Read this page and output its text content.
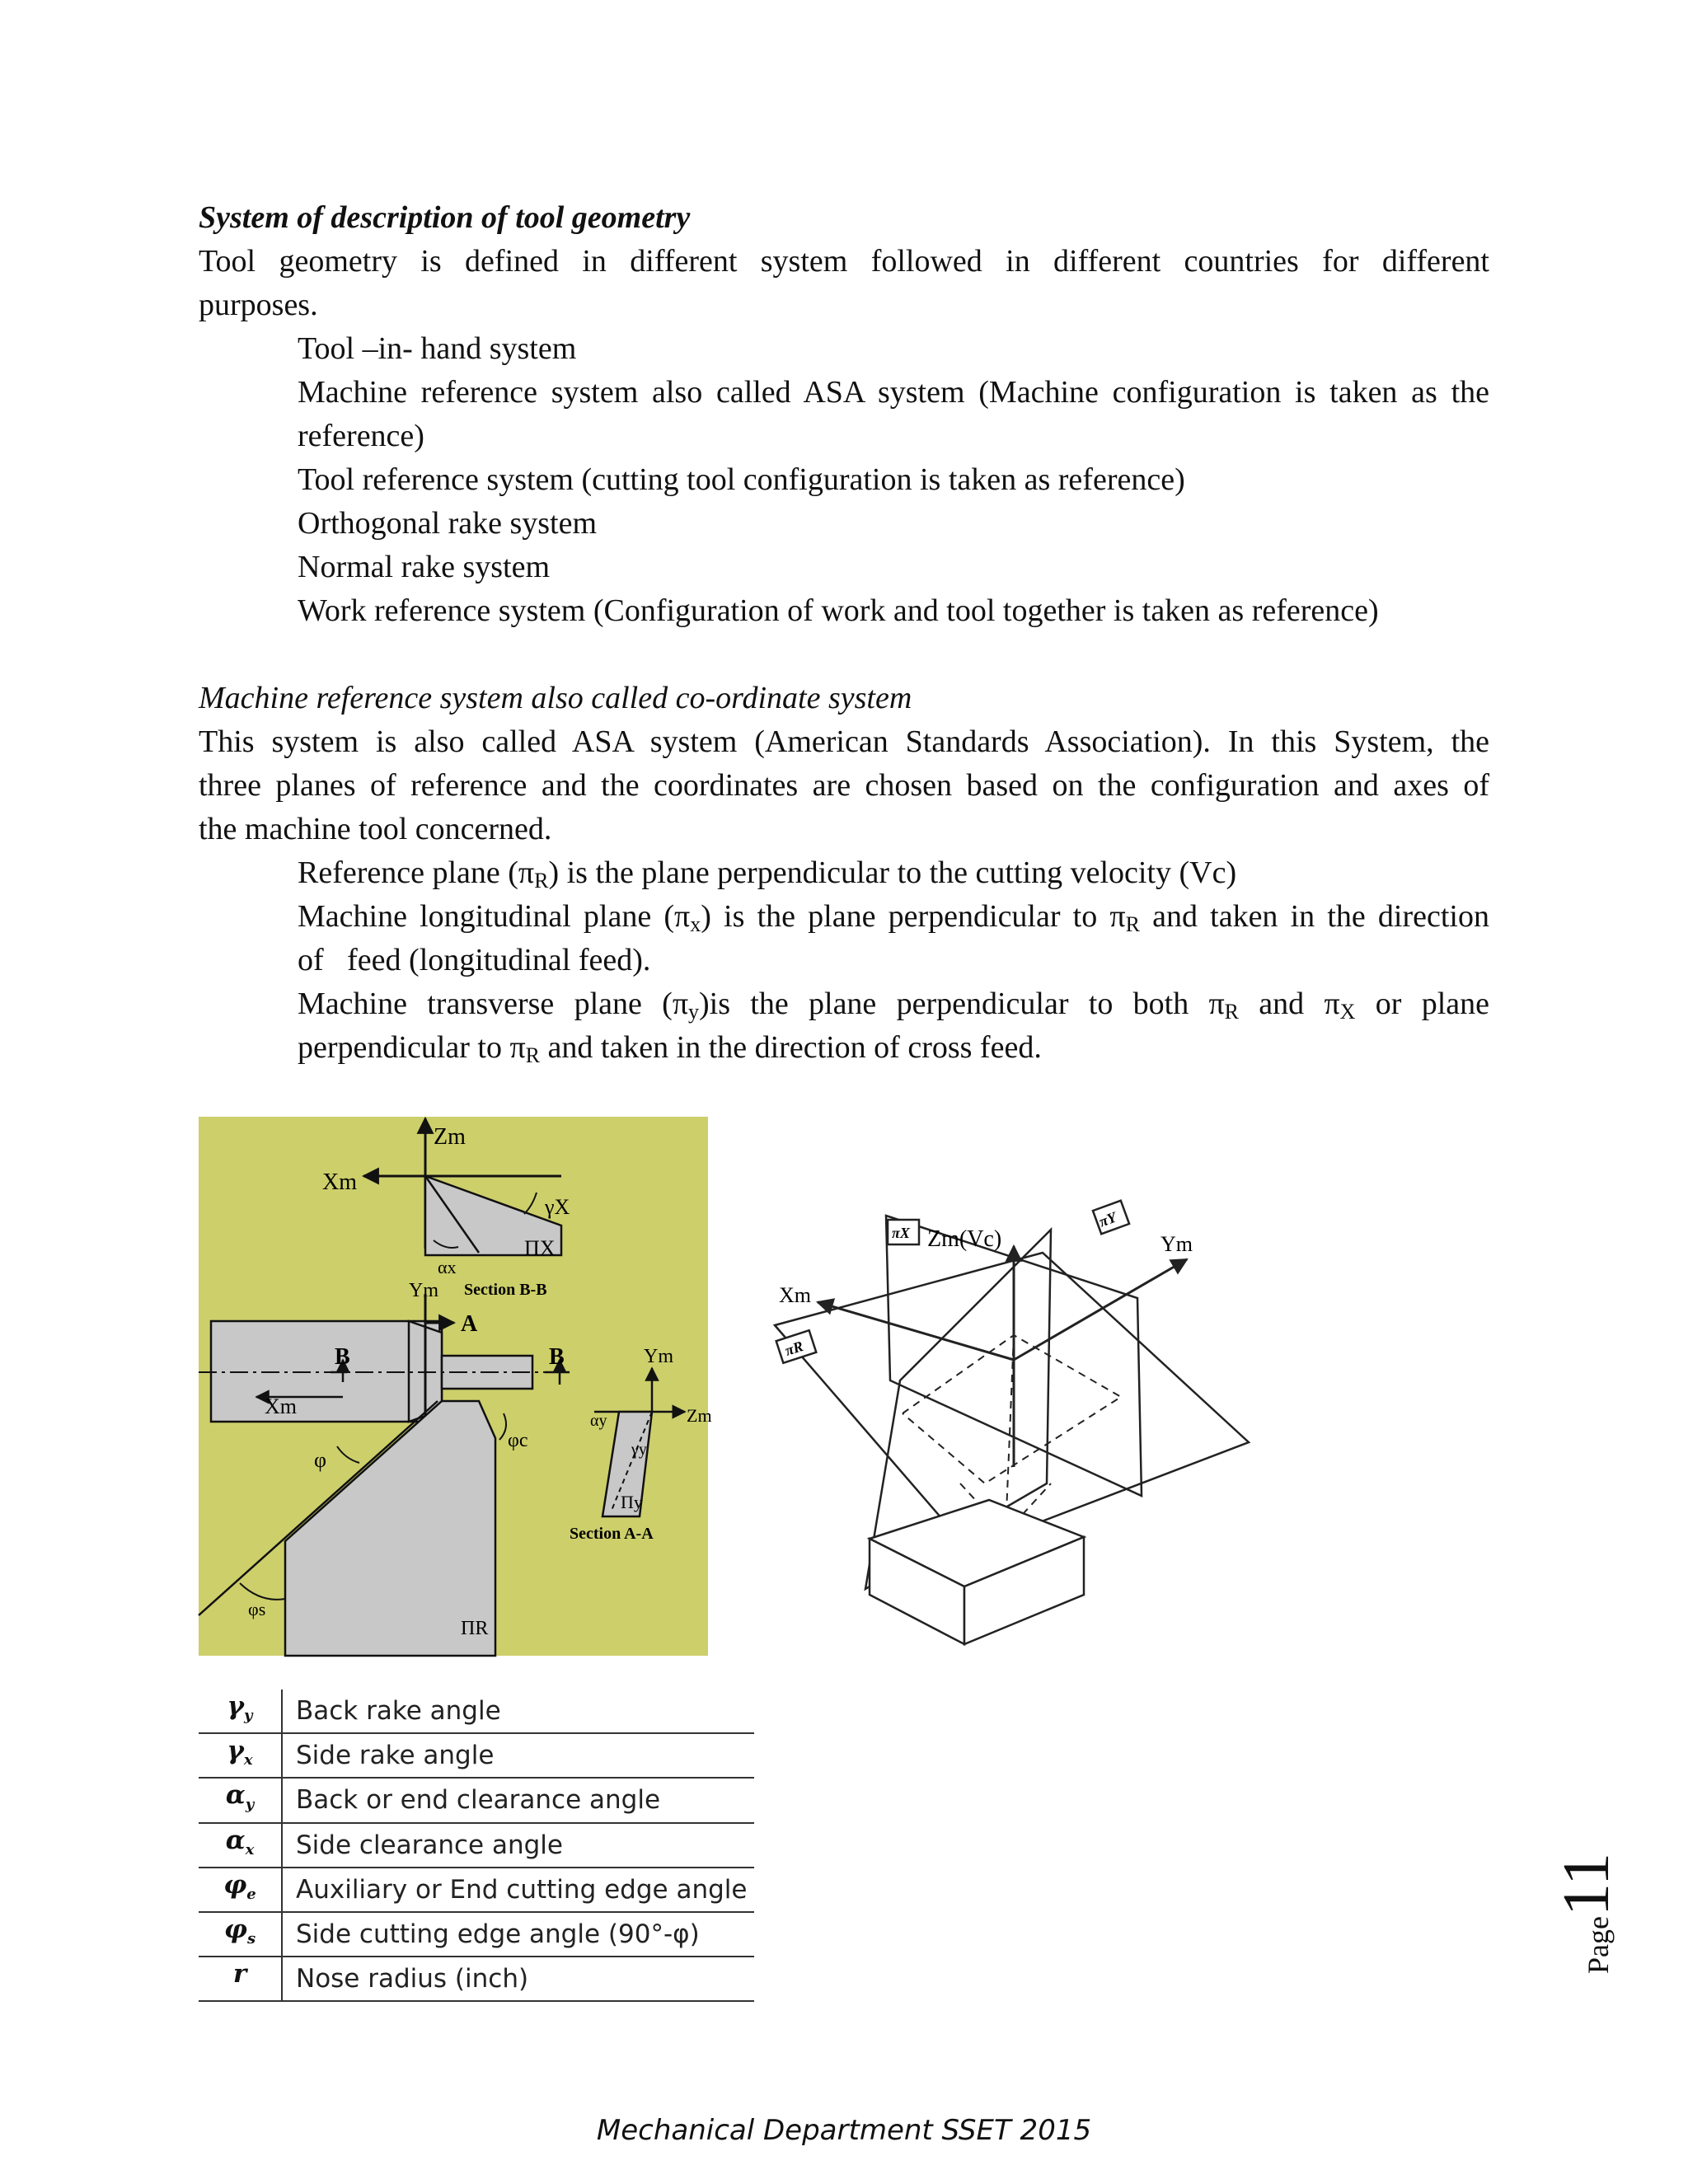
System of description of tool geometry
Tool geometry is defined in different system followed in different countries for different
purposes.
Tool –in- hand system
Machine reference system also called ASA system (Machine configuration is taken as the
reference)
Tool reference system (cutting tool configuration is taken as reference)
Orthogonal rake system
Normal rake system
Work reference system (Configuration of work and tool together is taken as reference)
Machine reference system also called co-ordinate system
This system is also called ASA system (American Standards Association). In this System, the
three planes of reference and the coordinates are chosen based on the configuration and axes of
the machine tool concerned.
Reference plane $(\pi_R)$ is the plane perpendicular to the cutting velocity (Vc)
Machine longitudinal plane $(\pi_x)$ is the plane perpendicular to $\pi_R$ and taken in the direction
of   feed (longitudinal feed).
Machine transverse plane $(\pi_y)is$ the plane perpendicular to both $\pi_R$ and $\pi_X$ or plane
perpendicular to $\pi_R$ and taken in the direction of cross feed.
Zm
Xm
γX
ΠX
αx
Ym Section B-B
B	B
Xm
A
φ
φc
φs
ΠR
Ym
Zm
αy
γy
Πy
Section A-A
πX
πY
πR
Zm(Vc)	Ym
Xm
$\gamma_y$	Back rake angle
$\gamma_x$	Side rake angle
$\alpha_y$	Back or end clearance angle
$\alpha_x$	Side clearance angle
$\varphi_e$	Auxiliary or End cutting edge angle
$\varphi_s$	Side cutting edge angle (90°-φ)
r	Nose radius (inch)
Page11
Mechanical Department SSET 2015
